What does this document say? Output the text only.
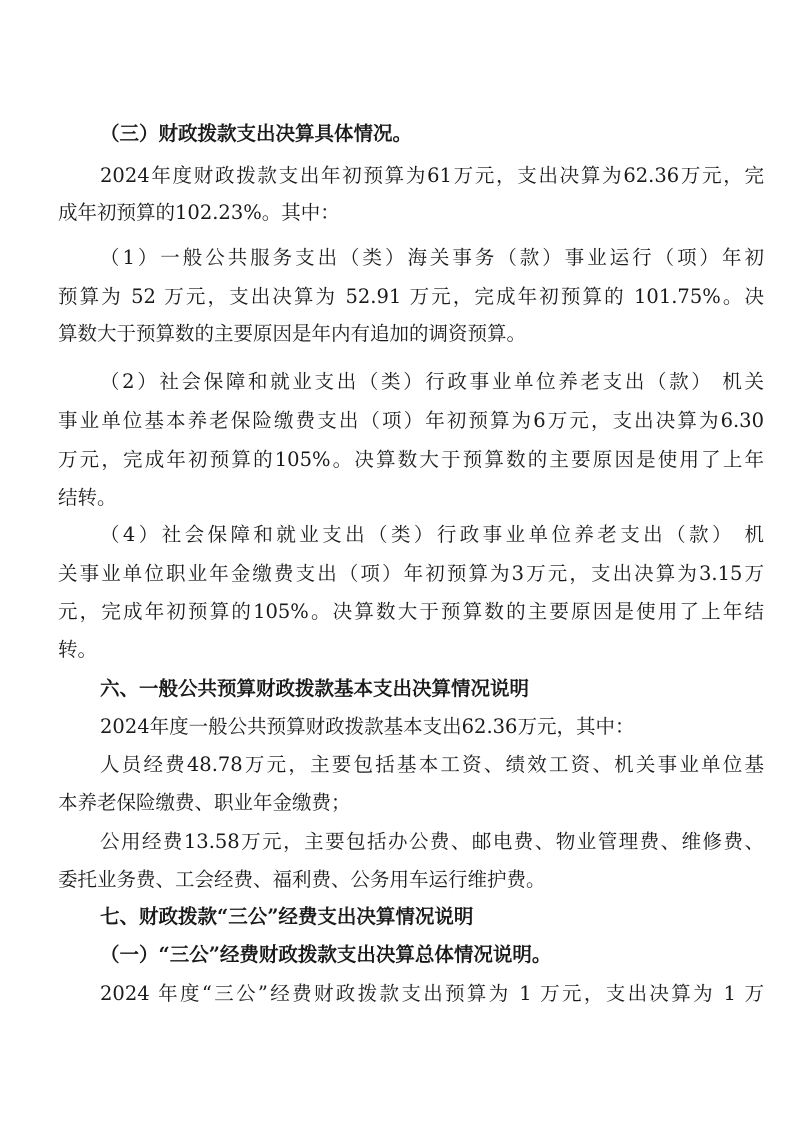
（三）财政拨款支出决算具体情况。
2024年度财政拨款支出年初预算为61万元，支出决算为62.36万元，完
成年初预算的102.23%。其中：
（1）一般公共服务支出（类）海关事务（款）事业运行（项）年初
预算为 52 万元，支出决算为 52.91 万元，完成年初预算的 101.75%。决
算数大于预算数的主要原因是年内有追加的调资预算。
（2）社会保障和就业支出（类）行政事业单位养老支出（款） 机关
事业单位基本养老保险缴费支出（项）年初预算为6万元，支出决算为6.30
万元，完成年初预算的105%。决算数大于预算数的主要原因是使用了上年
结转。
（4）社会保障和就业支出（类）行政事业单位养老支出（款） 机
关事业单位职业年金缴费支出（项）年初预算为3万元，支出决算为3.15万
元，完成年初预算的105%。决算数大于预算数的主要原因是使用了上年结
转。
六、一般公共预算财政拨款基本支出决算情况说明
2024年度一般公共预算财政拨款基本支出62.36万元，其中：
人员经费48.78万元，主要包括基本工资、绩效工资、机关事业单位基
本养老保险缴费、职业年金缴费；
公用经费13.58万元，主要包括办公费、邮电费、物业管理费、维修费、
委托业务费、工会经费、福利费、公务用车运行维护费。
七、财政拨款“三公”经费支出决算情况说明
（一）“三公”经费财政拨款支出决算总体情况说明。
2024 年度“三公”经费财政拨款支出预算为 1 万元，支出决算为 1 万
